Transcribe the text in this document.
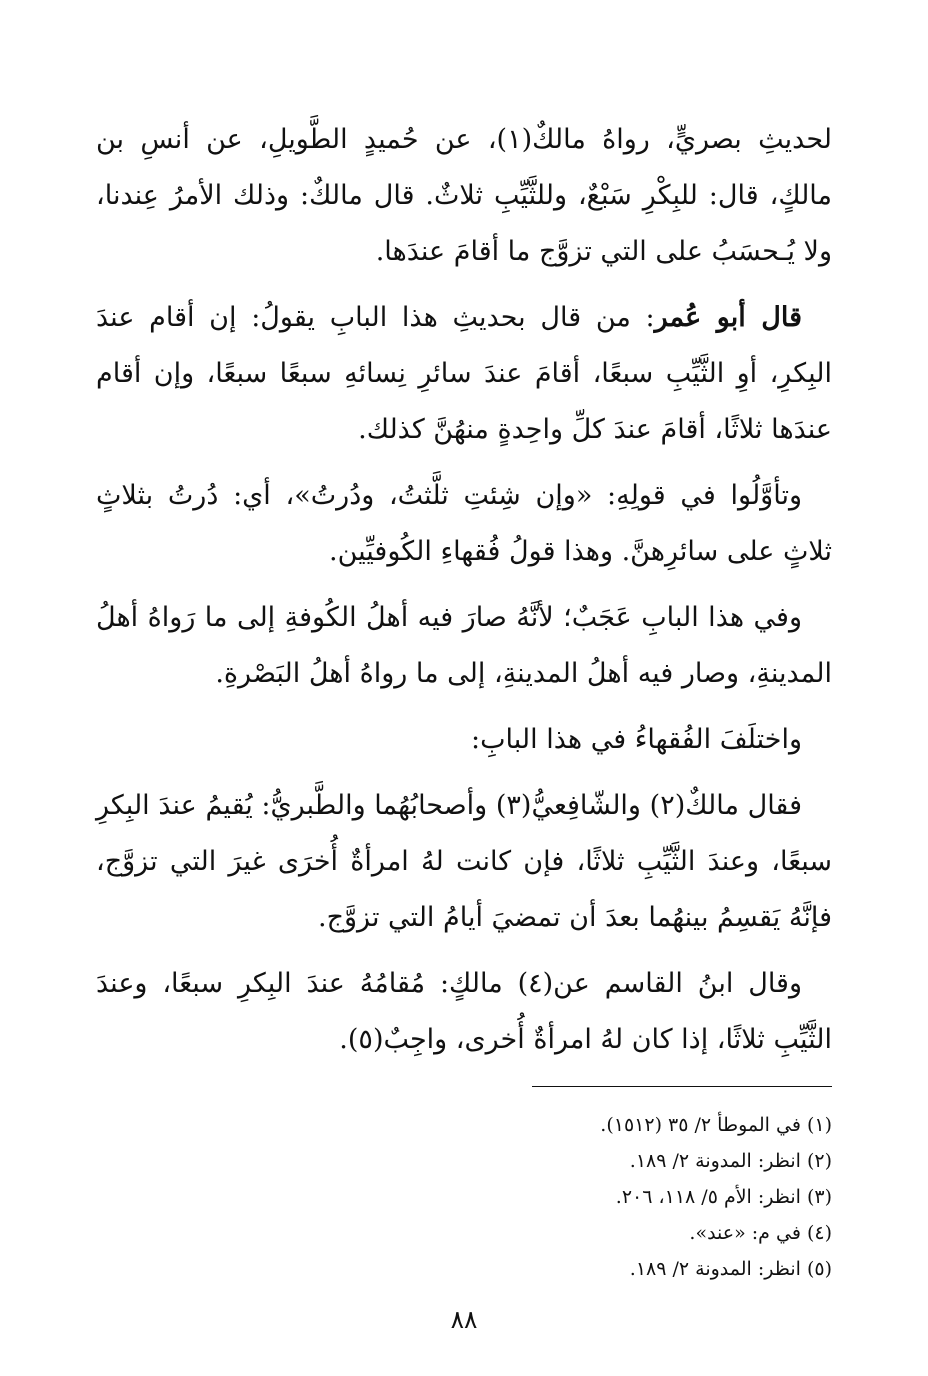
لحديثِ بصريٍّ، رواهُ مالكٌ(١)، عن حُميدٍ الطَّويلِ، عن أنسِ بن مالكٍ، قال: للبِكْرِ سَبْعٌ، وللثَّيِّبِ ثلاثٌ. قال مالكٌ: وذلك الأمرُ عِندنا، ولا يُـحسَبُ على التي تزوَّج ما أقامَ عندَها.

قال أبو عُمر: من قال بحديثِ هذا البابِ يقولُ: إن أقام عندَ البِكرِ، أوِ الثَّيِّبِ سبعًا، أقامَ عندَ سائرِ نِسائهِ سبعًا سبعًا، وإن أقام عندَها ثلاثًا، أقامَ عندَ كلِّ واحِدةٍ منهُنَّ كذلك.

وتأوَّلُوا في قولِهِ: «وإن شِئتِ ثلَّثتُ، ودُرتُ»، أي: دُرتُ بثلاثٍ ثلاثٍ على سائرِهنَّ. وهذا قولُ فُقهاءِ الكُوفيِّين.

وفي هذا البابِ عَجَبٌ؛ لأنَّهُ صارَ فيه أهلُ الكُوفةِ إلى ما رَواهُ أهلُ المدينةِ، وصار فيه أهلُ المدينةِ، إلى ما رواهُ أهلُ البَصْرةِ.

واختلَفَ الفُقهاءُ في هذا البابِ:

فقال مالكٌ(٢) والشّافِعيُّ(٣) وأصحابُهُما والطَّبريُّ: يُقيمُ عندَ البِكرِ سبعًا، وعندَ الثَّيِّبِ ثلاثًا، فإن كانت لهُ امرأةٌ أُخرَى غيرَ التي تزوَّج، فإنَّهُ يَقسِمُ بينهُما بعدَ أن تمضيَ أيامُ التي تزوَّج.

وقال ابنُ القاسم عن(٤) مالكٍ: مُقامُهُ عندَ البِكرِ سبعًا، وعندَ الثَّيِّبِ ثلاثًا، إذا كان لهُ امرأةٌ أُخرى، واجِبٌ(٥).

(١) في الموطأ ٢/ ٣٥ (١٥١٢).

(٢) انظر: المدونة ٢/ ١٨٩.

(٣) انظر: الأم ٥/ ١١٨، ٢٠٦.

(٤) في م: «عند».

(٥) انظر: المدونة ٢/ ١٨٩.

٨٨
